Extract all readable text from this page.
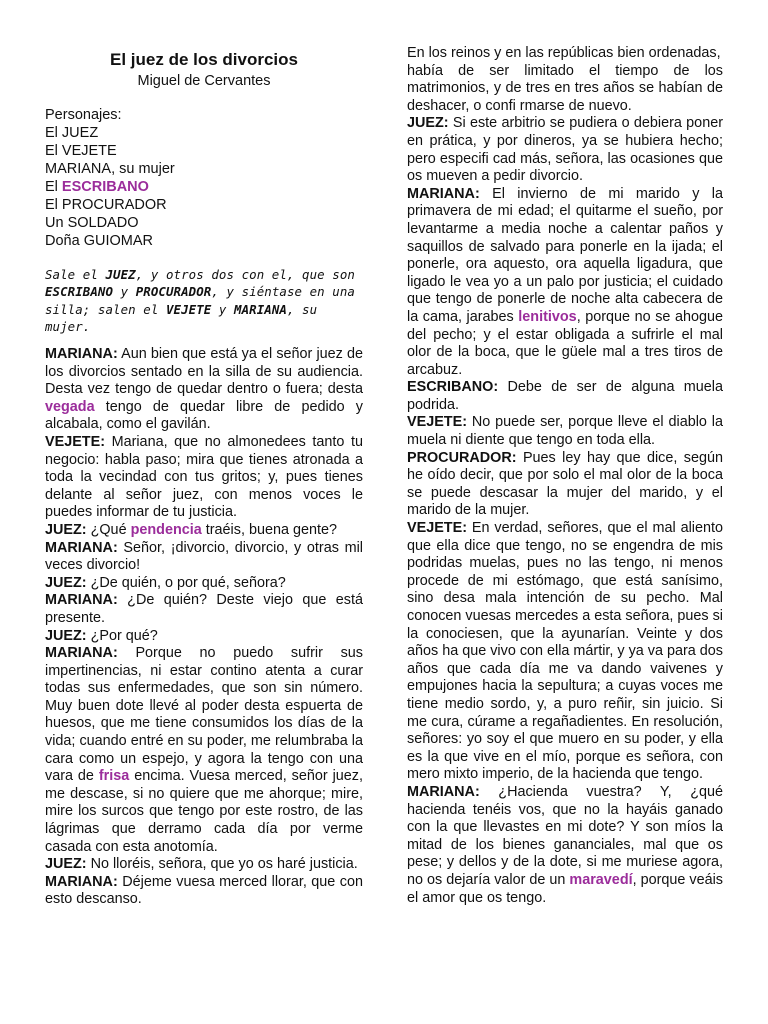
El juez de los divorcios
Miguel de Cervantes
Personajes:
El JUEZ
El VEJETE
MARIANA, su mujer
El ESCRIBANO
El PROCURADOR
Un SOLDADO
Doña GUIOMAR
Sale el JUEZ, y otros dos con el, que son ESCRIBANO y PROCURADOR, y siéntase en una silla; salen el VEJETE y MARIANA, su mujer.

MARIANA: Aun bien que está ya el señor juez de los divorcios sentado en la silla de su audiencia. Desta vez tengo de quedar dentro o fuera; desta vegada tengo de quedar libre de pedido y alcabala, como el gavilán.

VEJETE: Mariana, que no almonedees tanto tu negocio: habla paso; mira que tienes atronada a toda la vecindad con tus gritos; y, pues tienes delante al señor juez, con menos voces le puedes informar de tu justicia.

JUEZ: ¿Qué pendencia traéis, buena gente?

MARIANA: Señor, ¡divorcio, divorcio, y otras mil veces divorcio!

JUEZ: ¿De quién, o por qué, señora?

MARIANA: ¿De quién? Deste viejo que está presente.

JUEZ: ¿Por qué?

MARIANA: Porque no puedo sufrir sus impertinencias, ni estar contino atenta a curar todas sus enfermedades, que son sin número. Muy buen dote llevé al poder desta espuerta de huesos, que me tiene consumidos los días de la vida; cuando entré en su poder, me relumbraba la cara como un espejo, y agora la tengo con una vara de frisa encima. Vuesa merced, señor juez, me descase, si no quiere que me ahorque; mire, mire los surcos que tengo por este rostro, de las lágrimas que derramo cada día por verme casada con esta anotomía.

JUEZ: No lloréis, señora, que yo os haré justicia.

MARIANA: Déjeme vuesa merced llorar, que con esto descanso.

En los reinos y en las repúblicas bien ordenadas,

había de ser limitado el tiempo de los matrimonios, y de tres en tres años se habían de deshacer, o confi rmarse de nuevo.

JUEZ: Si este arbitrio se pudiera o debiera poner en prática, y por dineros, ya se hubiera hecho; pero especifi cad más, señora, las ocasiones que os mueven a pedir divorcio.

MARIANA: El invierno de mi marido y la primavera de mi edad; el quitarme el sueño, por levantarme a media noche a calentar paños y saquillos de salvado para ponerle en la ijada; el ponerle, ora aquesto, ora aquella ligadura, que ligado le vea yo a un palo por justicia; el cuidado que tengo de ponerle de noche alta cabecera de la cama, jarabes lenitivos, porque no se ahogue del pecho; y el estar obligada a sufrirle el mal olor de la boca, que le güele mal a tres tiros de arcabuz.

ESCRIBANO: Debe de ser de alguna muela podrida.

VEJETE: No puede ser, porque lleve el diablo la muela ni diente que tengo en toda ella.

PROCURADOR: Pues ley hay que dice, según he oído decir, que por solo el mal olor de la boca se puede descasar la mujer del marido, y el marido de la mujer.

VEJETE: En verdad, señores, que el mal aliento que ella dice que tengo, no se engendra de mis podridas muelas, pues no las tengo, ni menos procede de mi estómago, que está sanísimo, sino desa mala intención de su pecho. Mal conocen vuesas mercedes a esta señora, pues si la conociesen, que la ayunarían. Veinte y dos años ha que vivo con ella mártir, y ya va para dos años que cada día me va dando vaivenes y empujones hacia la sepultura; a cuyas voces me tiene medio sordo, y, a puro reñir, sin juicio. Si me cura, cúrame a regañadientes. En resolución, señores: yo soy el que muero en su poder, y ella es la que vive en el mío, porque es señora, con mero mixto imperio, de la hacienda que tengo.

MARIANA: ¿Hacienda vuestra? Y, ¿qué hacienda tenéis vos, que no la hayáis ganado con la que llevastes en mi dote? Y son míos la mitad de los bienes gananciales, mal que os pese; y dellos y de la dote, si me muriese agora, no os dejaría valor de un maravedí, porque veáis el amor que os tengo.
